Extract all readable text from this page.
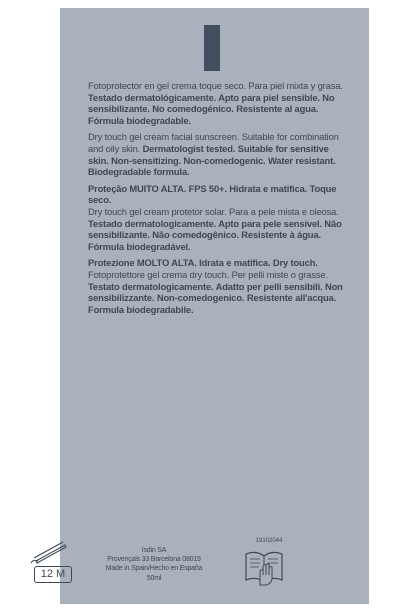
Fotoprotector en gel crema toque seco. Para piel mixta y grasa. Testado dermatológicamente. Apto para piel sensible. No sensibilizante. No comedogénico. Resistente al agua. Fórmula biodegradable.

Dry touch gel cream facial sunscreen. Suitable for combination and oily skin. Dermatologist tested. Suitable for sensitive skin. Non-sensitizing. Non-comedogenic. Water resistant. Biodegradable formula.

Proteção MUITO ALTA. FPS 50+. Hidrata e matifica. Toque seco.

Dry touch gel cream protetor solar. Para a pele mista e oleosa.

Testado dermatologicamente. Apto para pele sensível. Não sensibilizante. Não comedogênico. Resistente à água. Fórmula biodegradável.

Protezione MOLTO ALTA. Idrata e matifica. Dry touch.

Fotoprotettore gel crema dry touch. Per pelli miste o grasse.

Testato dermatologicamente. Adatto per pelli sensibili. Non sensibilizzante. Non-comedogenico. Resistente all'acqua. Formula biodegradabile.

12 M
Isdin SA
Provençals 33 Barcelona 08019
Made in Spain/Hecho en España
50ml
19102044
